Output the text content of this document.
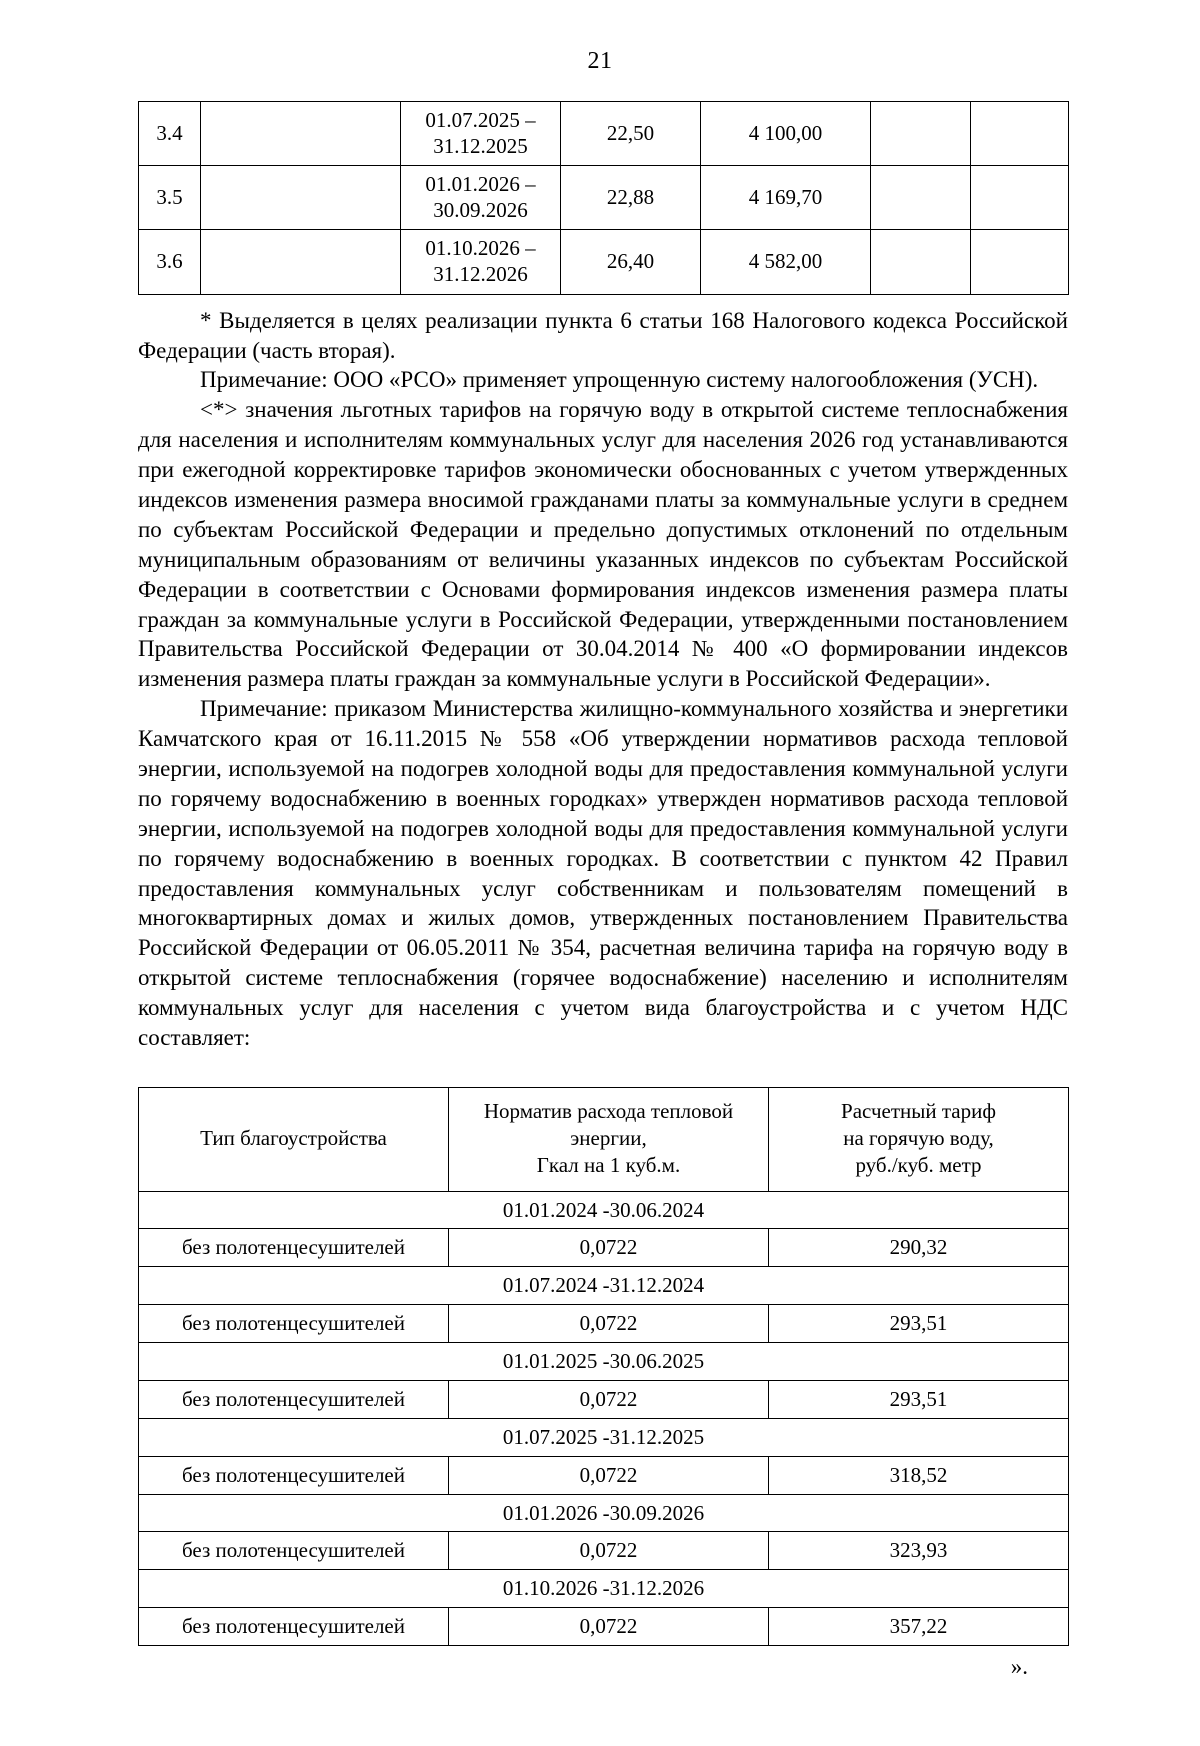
21
3.4		01.07.2025 –
31.12.2025	22,50	4 100,00		
3.5		01.01.2026 –
30.09.2026	22,88	4 169,70		
3.6		01.10.2026 –
31.12.2026	26,40	4 582,00		

* Выделяется в целях реализации пункта 6 статьи 168 Налогового кодекса Российской Федерации (часть вторая).

Примечание: ООО «РСО» применяет упрощенную систему налогообложения (УСН).

<*> значения льготных тарифов на горячую воду в открытой системе теплоснабжения для населения и исполнителям коммунальных услуг для населения 2026 год устанавливаются при ежегодной корректировке тарифов экономически обоснованных с учетом утвержденных индексов изменения размера вносимой гражданами платы за коммунальные услуги в среднем по субъектам Российской Федерации и предельно допустимых отклонений по отдельным муниципальным образованиям от величины указанных индексов по субъектам Российской Федерации в соответствии с Основами формирования индексов изменения размера платы граждан за коммунальные услуги в Российской Федерации, утвержденными постановлением Правительства Российской Федерации от 30.04.2014 № 400 «О формировании индексов изменения размера платы граждан за коммунальные услуги в Российской Федерации».

Примечание: приказом Министерства жилищно-коммунального хозяйства и энергетики Камчатского края от 16.11.2015 № 558 «Об утверждении нормативов расхода тепловой энергии, используемой на подогрев холодной воды для предоставления коммунальной услуги по горячему водоснабжению в военных городках» утвержден нормативов расхода тепловой энергии, используемой на подогрев холодной воды для предоставления коммунальной услуги по горячему водоснабжению в военных городках. В соответствии с пунктом 42 Правил предоставления коммунальных услуг собственникам и пользователям помещений в многоквартирных домах и жилых домов, утвержденных постановлением Правительства Российской Федерации от 06.05.2011 № 354, расчетная величина тарифа на горячую воду в открытой системе теплоснабжения (горячее водоснабжение) населению и исполнителям коммунальных услуг для населения с учетом вида благоустройства и с учетом НДС составляет:

Тип благоустройства	Норматив расхода тепловой
энергии,
Гкал на 1 куб.м.	Расчетный тариф
на горячую воду,
руб./куб. метр
01.01.2024 -30.06.2024		
без полотенцесушителей	0,0722	290,32
01.07.2024 -31.12.2024		
без полотенцесушителей	0,0722	293,51
01.01.2025 -30.06.2025		
без полотенцесушителей	0,0722	293,51
01.07.2025 -31.12.2025		
без полотенцесушителей	0,0722	318,52
01.01.2026 -30.09.2026		
без полотенцесушителей	0,0722	323,93
01.10.2026 -31.12.2026		
без полотенцесушителей	0,0722	357,22
».
